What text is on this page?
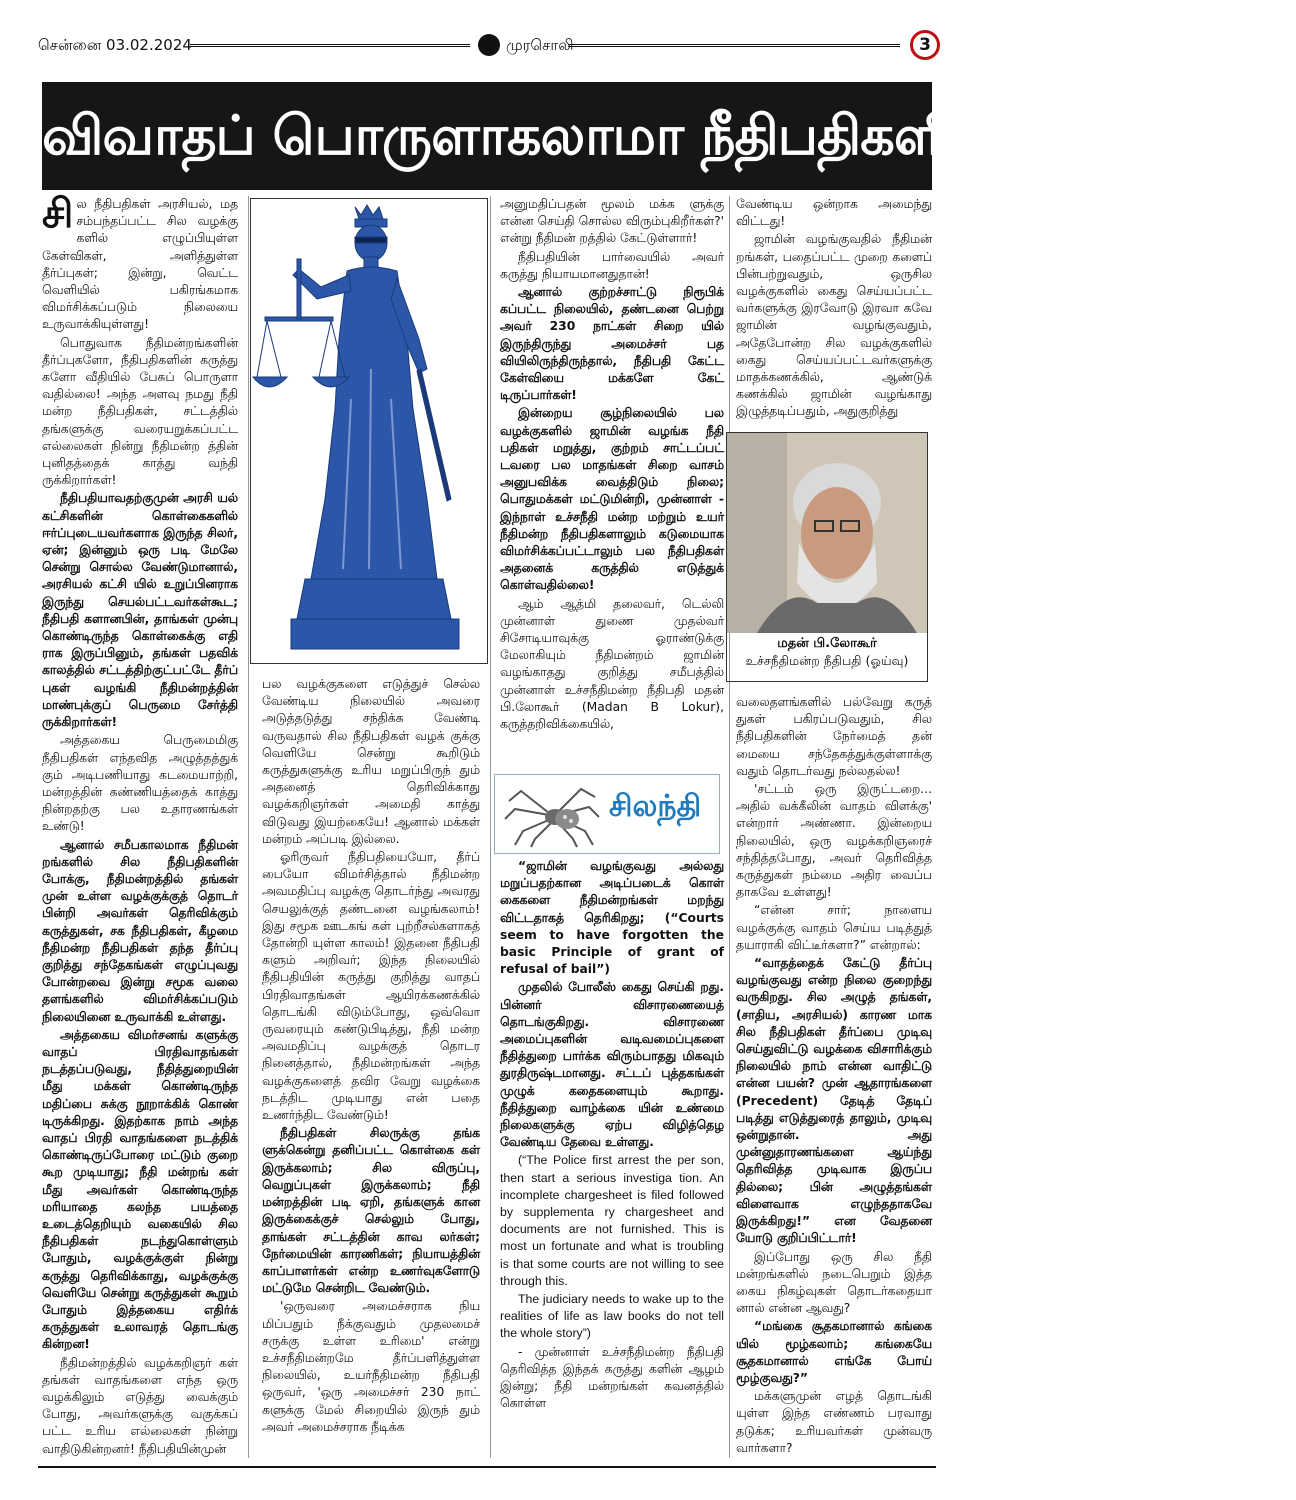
சென்னை 03.02.2024	முரசொலி	3
விவாதப் பொருளாகலாமா நீதிபதிகளின் கருத்துகள்?

சில நீதிபதிகள் அரசியல், மத சம்பந்தப்பட்ட சில வழக்கு களில் எழுப்பியுள்ள கேள்விகள், அளித்துள்ள தீர்ப்புகள்; இன்று, வெட்ட வெளியில் பகிரங்கமாக விமர்சிக்கப்படும் நிலையை உருவாக்கியுள்ளது!

பொதுவாக நீதிமன்றங்களின் தீர்ப்புகளோ, நீதிபதிகளின் கருத்து களோ வீதியில் பேசுப் பொருளா வதில்லை! அந்த அளவு நமது நீதி மன்ற நீதிபதிகள், சட்டத்தில் தங்களுக்கு வரையறுக்கப்பட்ட எல்லைகள் நின்று நீதிமன்ற த்தின் புனிதத்தைக் காத்து வந்தி ருக்கிறார்கள்!

நீதிபதியாவதற்குமுன் அரசி யல் கட்சிகளின் கொள்கைகளில் ஈர்ப்புடையவர்களாக இருந்த சிலர், ஏன்; இன்னும் ஒரு படி மேலே சென்று சொல்ல வேண்டுமானால், அரசியல் கட்சி யில் உறுப்பினராக இருந்து செயல்பட்டவர்கள்கூட; நீதிபதி களானபின், தாங்கள் முன்பு கொண்டிருந்த கொள்கைக்கு எதி ராக இருப்பினும், தங்கள் பதவிக் காலத்தில் சட்டத்திற்குட்பட்டே தீர்ப் புகள் வழங்கி நீதிமன்றத்தின் மாண்புக்குப் பெருமை சேர்த்தி ருக்கிறார்கள்!

அத்தகைய பெருமைமிகு நீதிபதிகள் எந்தவித அழுத்தத்துக் கும் அடிபணியாது கடமையாற்றி, மன்றத்தின் கண்ணியத்தைக் காத்து நின்றதற்கு பல உதாரணங்கள் உண்டு!

ஆனால் சமீபகாலமாக நீதிமன் றங்களில் சில நீதிபதிகளின் போக்கு, நீதிமன்றத்தில் தங்கள் முன் உள்ள வழக்குக்குத் தொடர் பின்றி அவர்கள் தெரிவிக்கும் கருத்துகள், சக நீதிபதிகள், கீழமை நீதிமன்ற நீதிபதிகள் தந்த தீர்ப்பு குறித்து சந்தேகங்கள் எழுப்புவது போன்றவை இன்று சமூக வலை தளங்களில் விமர்சிக்கப்படும் நிலையினை உருவாக்கி உள்ளது.

அத்தகைய விமர்சனங் களுக்கு வாதப் பிரதிவாதங்கள் நடத்தப்படுவது, நீதித்துறையின் மீது மக்கள் கொண்டிருந்த மதிப்பை சுக்கு நூறாக்கிக் கொண் டிருக்கிறது. இதற்காக நாம் அந்த வாதப் பிரதி வாதங்களை நடத்திக் கொண்டிருப்போரை மட்டும் குறை கூற முடியாது; நீதி மன்றங் கள் மீது அவர்கள் கொண்டிருந்த மரியாதை கலந்த பயத்தை உடைத்தெறியும் வகையில் சில நீதிபதிகள் நடந்துகொள்ளும் போதும், வழக்குக்குள் நின்று கருத்து தெரிவிக்காது, வழக்குக்கு வெளியே சென்று கருத்துகள் கூறும் போதும் இத்தகைய எதிர்க் கருத்துகள் உலாவரத் தொடங்கு கின்றன!

நீதிமன்றத்தில் வழக்கறிஞர் கள் தங்கள் வாதங்களை எந்த ஒரு வழக்கிலும் எடுத்து வைக்கும் போது, அவர்களுக்கு வகுக்கப் பட்ட உரிய எல்லைகள் நின்று வாதிடுகின்றனர்! நீதிபதியின்முன்

பல வழக்குகளை எடுத்துச் செல்ல வேண்டிய நிலையில் அவரை அடுத்தடுத்து சந்திக்க வேண்டி வருவதால் சில நீதிபதிகள் வழக் குக்கு வெளியே சென்று கூறிடும் கருத்துகளுக்கு உரிய மறுப்பிருந் தும் அதனைத் தெரிவிக்காது வழக்கறிஞர்கள் அமைதி காத்து விடுவது இயற்கையே! ஆனால் மக்கள் மன்றம் அப்படி இல்லை.

ஓரிருவர் நீதிபதியையோ, தீர்ப் பையோ விமர்சித்தால் நீதிமன்ற அவமதிப்பு வழக்கு தொடர்ந்து அவரது செயலுக்குத் தண்டனை வழங்கலாம்! இது சமூக ஊடகங் கள் புற்றீசல்களாகத் தோன்றி யுள்ள காலம்! இதனை நீதிபதி களும் அறிவர்; இந்த நிலையில் நீதிபதியின் கருத்து குறித்து வாதப் பிரதிவாதங்கள் ஆயிரக்கணக்கில் தொடங்கி விடும்போது, ஒவ்வொ ருவரையும் கண்டுபிடித்து, நீதி மன்ற அவமதிப்பு வழக்குத் தொடர நினைத்தால், நீதிமன்றங்கள் அந்த வழக்குகளைத் தவிர வேறு வழக்கை நடத்திட முடியாது என் பதை உணர்ந்திட வேண்டும்!

நீதிபதிகள் சிலருக்கு தங்க ளுக்கென்று தனிப்பட்ட கொள்கை கள் இருக்கலாம்; சில விருப்பு, வெறுப்புகள் இருக்கலாம்; நீதி மன்றத்தின் படி ஏறி, தங்களுக் கான இருக்கைக்குச் செல்லும் போது, தாங்கள் சட்டத்தின் காவ லர்கள்; நேர்மையின் காரணிகள்; நியாயத்தின் காப்பாளர்கள் என்ற உணர்வுகளோடு மட்டுமே சென்றிட வேண்டும்.

'ஒருவரை அமைச்சராக நிய மிப்பதும் நீக்குவதும் முதலமைச் சருக்கு உள்ள உரிமை' என்று உச்சநீதிமன்றமே தீர்ப்பளித்துள்ள நிலையில், உயர்நீதிமன்ற நீதிபதி ஒருவர், 'ஒரு அமைச்சர் 230 நாட் களுக்கு மேல் சிறையில் இருந் தும் அவர் அமைச்சராக நீடிக்க

அனுமதிப்பதன் மூலம் மக்க ளுக்கு என்ன செய்தி சொல்ல விரும்புகிறீர்கள்?' என்று நீதிமன் றத்தில் கேட்டுள்ளார்!

நீதிபதியின் பார்வையில் அவர் கருத்து நியாயமானதுதான்!

ஆனால் குற்றச்சாட்டு நிரூபிக் கப்பட்ட நிலையில், தண்டனை பெற்று அவர் 230 நாட்கள் சிறை யில் இருந்திருந்து அமைச்சர் பத வியிலிருந்திருந்தால், நீதிபதி கேட்ட கேள்வியை மக்களே கேட் டிருப்பார்கள்!

இன்றைய சூழ்நிலையில் பல வழக்குகளில் ஜாமின் வழங்க நீதி பதிகள் மறுத்து, குற்றம் சாட்டப்பட் டவரை பல மாதங்கள் சிறை வாசம் அனுபவிக்க வைத்திடும் நிலை; பொதுமக்கள் மட்டுமின்றி, முன்னாள் - இந்நாள் உச்சநீதி மன்ற மற்றும் உயர் நீதிமன்ற நீதிபதிகளாலும் கடுமையாக விமர்சிக்கப்பட்டாலும் பல நீதிபதிகள் அதனைக் கருத்தில் எடுத்துக் கொள்வதில்லை!

ஆம் ஆத்மி தலைவர், டெல்லி முன்னாள் துணை முதல்வர் சிசோடியாவுக்கு ஓராண்டுக்கு மேலாகியும் நீதிமன்றம் ஜாமின் வழங்காதது குறித்து சமீபத்தில் முன்னாள் உச்சநீதிமன்ற நீதிபதி மதன் பி.லோகூர் (Madan B Lokur), கருத்தறிவிக்கையில்,

சிலந்தி

“ஜாமின் வழங்குவது அல்லது மறுப்பதற்கான அடிப்படைக் கொள் கைகளை நீதிமன்றங்கள் மறந்து விட்டதாகத் தெரிகிறது; (“Courts seem to have forgotten the basic Principle of grant of refusal of bail”)

முதலில் போலீஸ் கைது செய்கி றது. பின்னர் விசாரணையைத் தொடங்குகிறது. விசாரணை அமைப்புகளின் வடிவமைப்புகளை நீதித்துறை பார்க்க விரும்பாதது மிகவும் துரதிருஷ்டமானது. சட்டப் புத்தகங்கள் முழுக் கதைகளையும் கூறாது. நீதித்துறை வாழ்க்கை யின் உண்மை நிலைகளுக்கு ஏற்ப விழித்தெழ வேண்டிய தேவை உள்ளது.

(“The Police first arrest the per son, then start a serious investiga tion. An incomplete chargesheet is filed followed by supplementa ry chargesheet and documents are not furnished. This is most un fortunate and what is troubling is that some courts are not willing to see through this.

The judiciary needs to wake up to the realities of life as law books do not tell the whole story”)

- முன்னாள் உச்சநீதிமன்ற நீதிபதி தெரிவித்த இந்தக் கருத்து களின் ஆழம் இன்று; நீதி மன்றங்கள் கவனத்தில் கொள்ள

வேண்டிய ஒன்றாக அமைந்து விட்டது!

ஜாமின் வழங்குவதில் நீதிமன் றங்கள், பதைப்பட்ட முறை களைப் பின்பற்றுவதும், ஒருசில வழக்குகளில் கைது செய்யப்பட்ட வர்களுக்கு இரவோடு இரவா கவே ஜாமின் வழங்குவதும், அதேபோன்ற சில வழக்குகளில் கைது செய்யப்பட்டவர்களுக்கு மாதக்கணக்கில், ஆண்டுக் கணக்கில் ஜாமின் வழங்காது இழுத்தடிப்பதும், அதுகுறித்து

மதன் பி.லோகூர்
உச்சநீதிமன்ற நீதிபதி (ஓய்வு)

வலைதளங்களில் பல்வேறு கருத் துகள் பகிரப்படுவதும், சில நீதிபதிகளின் நேர்மைத் தன் மையை சந்தேகத்துக்குள்ளாக்கு வதும் தொடர்வது நல்லதல்ல!

'சட்டம் ஒரு இருட்டறை... அதில் வக்கீலின் வாதம் விளக்கு' என்றார் அண்ணா. இன்றைய நிலையில், ஒரு வழக்கறிஞரைச் சந்தித்தபோது, அவர் தெரிவித்த கருத்துகள் நம்மை அதிர வைப்ப தாகவே உள்ளது!

“என்ன சார்; நாளைய வழக்குக்கு வாதம் செய்ய படித்துத் தயாராகி விட்டீர்களா?” என்றால்:

“வாதத்தைக் கேட்டு தீர்ப்பு வழங்குவது என்ற நிலை குறைந்து வருகிறது. சில அழுத் தங்கள், (சாதிய, அரசியல்) காரண மாக சில நீதிபதிகள் தீர்ப்பை முடிவு செய்துவிட்டு வழக்கை விசாரிக்கும் நிலையில் நாம் என்ன வாதிட்டு என்ன பயன்? முன் ஆதாரங்களை (Precedent) தேடித் தேடிப் படித்து எடுத்துரைத் தாலும், முடிவு ஒன்றுதான். அது முன்னுதாரணங்களை ஆய்ந்து தெரிவித்த முடிவாக இருப்ப தில்லை; பின் அழுத்தங்கள் விளைவாக எழுந்ததாகவே இருக்கிறது!” என வேதனை யோடு குறிப்பிட்டார்!

இப்போது ஒரு சில நீதி மன்றங்களில் நடைபெறும் இத்த கைய நிகழ்வுகள் தொடர்கதையா னால் என்ன ஆவது?

“மங்கை சூதகமானால் கங்கை யில் மூழ்கலாம்; கங்கையே சூதகமானால் எங்கே போய் மூழ்குவது?”

மக்களுமுன் எழத் தொடங்கி யுள்ள இந்த எண்ணம் பரவாது தடுக்க; உரியவர்கள் முன்வரு வார்களா?

---
